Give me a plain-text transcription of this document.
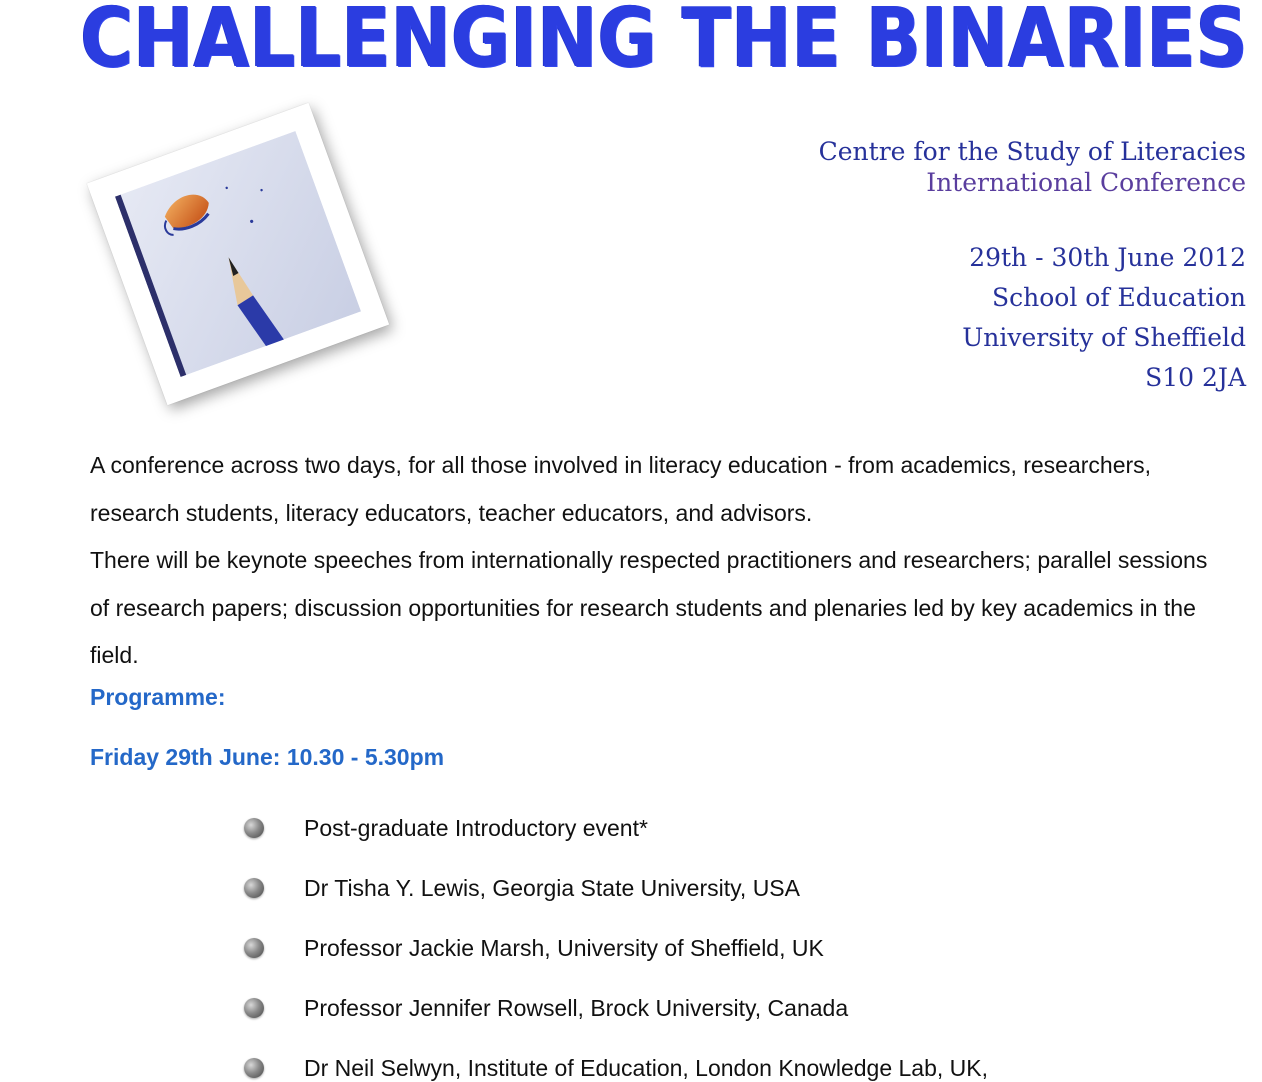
CHALLENGING THE BINARIES
Centre for the Study of Literacies
International Conference
29th - 30th June 2012
School of Education
University of Sheffield
S10 2JA

A conference across two days, for all those involved in literacy education - from academics, researchers, research students, literacy educators, teacher educators, and advisors.

There will be keynote speeches from internationally respected practitioners and researchers; parallel sessions of research papers; discussion opportunities for research students and plenaries led by key academics in the field.

Programme:
Friday 29th June: 10.30 - 5.30pm
Post-graduate Introductory event*
Dr Tisha Y. Lewis, Georgia State University, USA
Professor Jackie Marsh, University of Sheffield, UK
Professor Jennifer Rowsell, Brock University, Canada
Dr Neil Selwyn, Institute of Education, London Knowledge Lab, UK,
